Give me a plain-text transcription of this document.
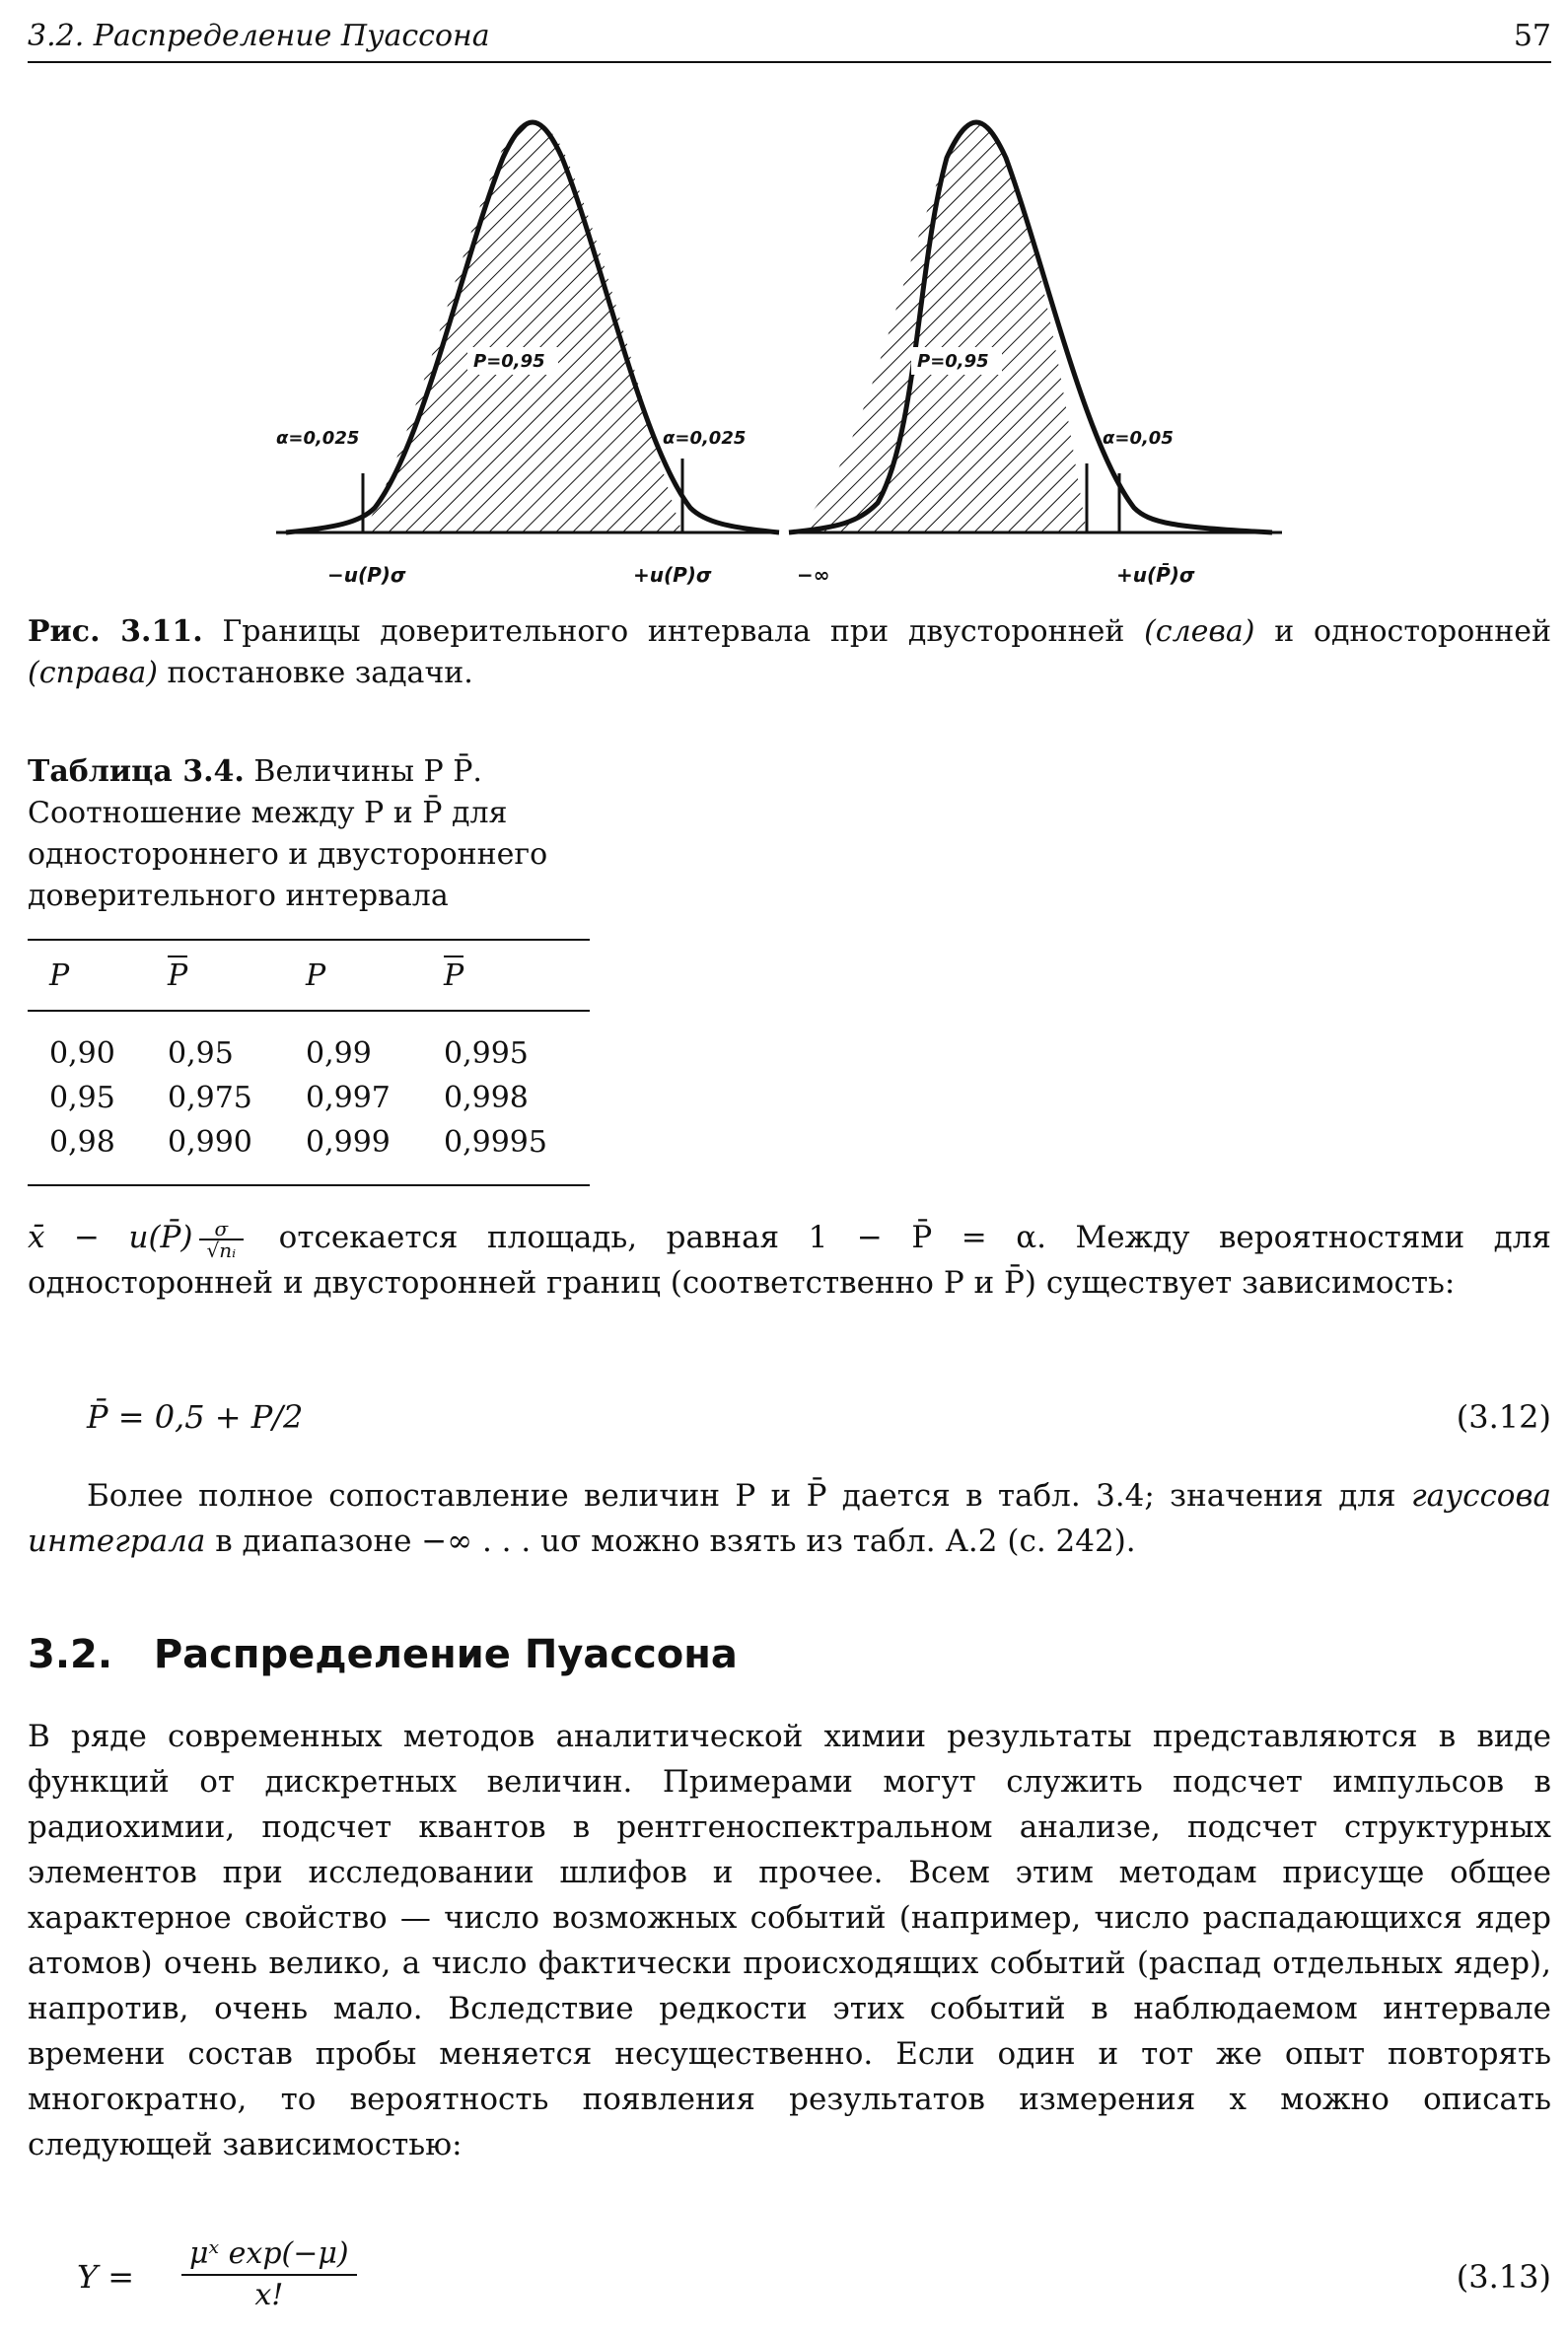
3.2. Распределение Пуассона	57
P=0,95
α=0,025	α=0,025
−u(P)σ	+u(P)σ
P=0,95
α=0,05
−∞	+u(P̄)σ
Рис. 3.11. Границы доверительного интервала при двусторонней (слева) и односторонней (справа) постановке задачи.
Таблица 3.4. Величины P P̄. Соотношение между P и P̄ для одностороннего и двустороннего доверительного интервала
P	P	P	P
0,90	0,95	0,99	0,995
0,95	0,975	0,997	0,998
0,98	0,990	0,999	0,9995
x̄ − u(P̄) $\frac{\sigma}{\text{√nᵢ}}$ отсекается площадь, равная 1 − P̄ = α. Между вероятностями для односторонней и двусторонней границ (соответственно P и P̄) существует зависимость:
P̄ = 0,5 + P/2	(3.12)
Более полное сопоставление величин P и P̄ дается в табл. 3.4; значения для гауссова интеграла в диапазоне −∞ . . . uσ можно взять из табл. А.2 (с. 242).
3.2. Распределение Пуассона
В ряде современных методов аналитической химии результаты представляются в виде функций от дискретных величин. Примерами могут служить подсчет импульсов в радиохимии, подсчет квантов в рентгеноспектральном анализе, подсчет структурных элементов при исследовании шлифов и прочее. Всем этим методам присуще общее характерное свойство — число возможных событий (например, число распадающихся ядер атомов) очень велико, а число фактически происходящих событий (распад отдельных ядер), напротив, очень мало. Вследствие редкости этих событий в наблюдаемом интервале времени состав пробы меняется несущественно. Если один и тот же опыт повторять многократно, то вероятность появления результатов измерения x можно описать следующей зависимостью:
$Y = \frac{\text{μˣ exp(−μ)}}{x!}$	(3.13)
